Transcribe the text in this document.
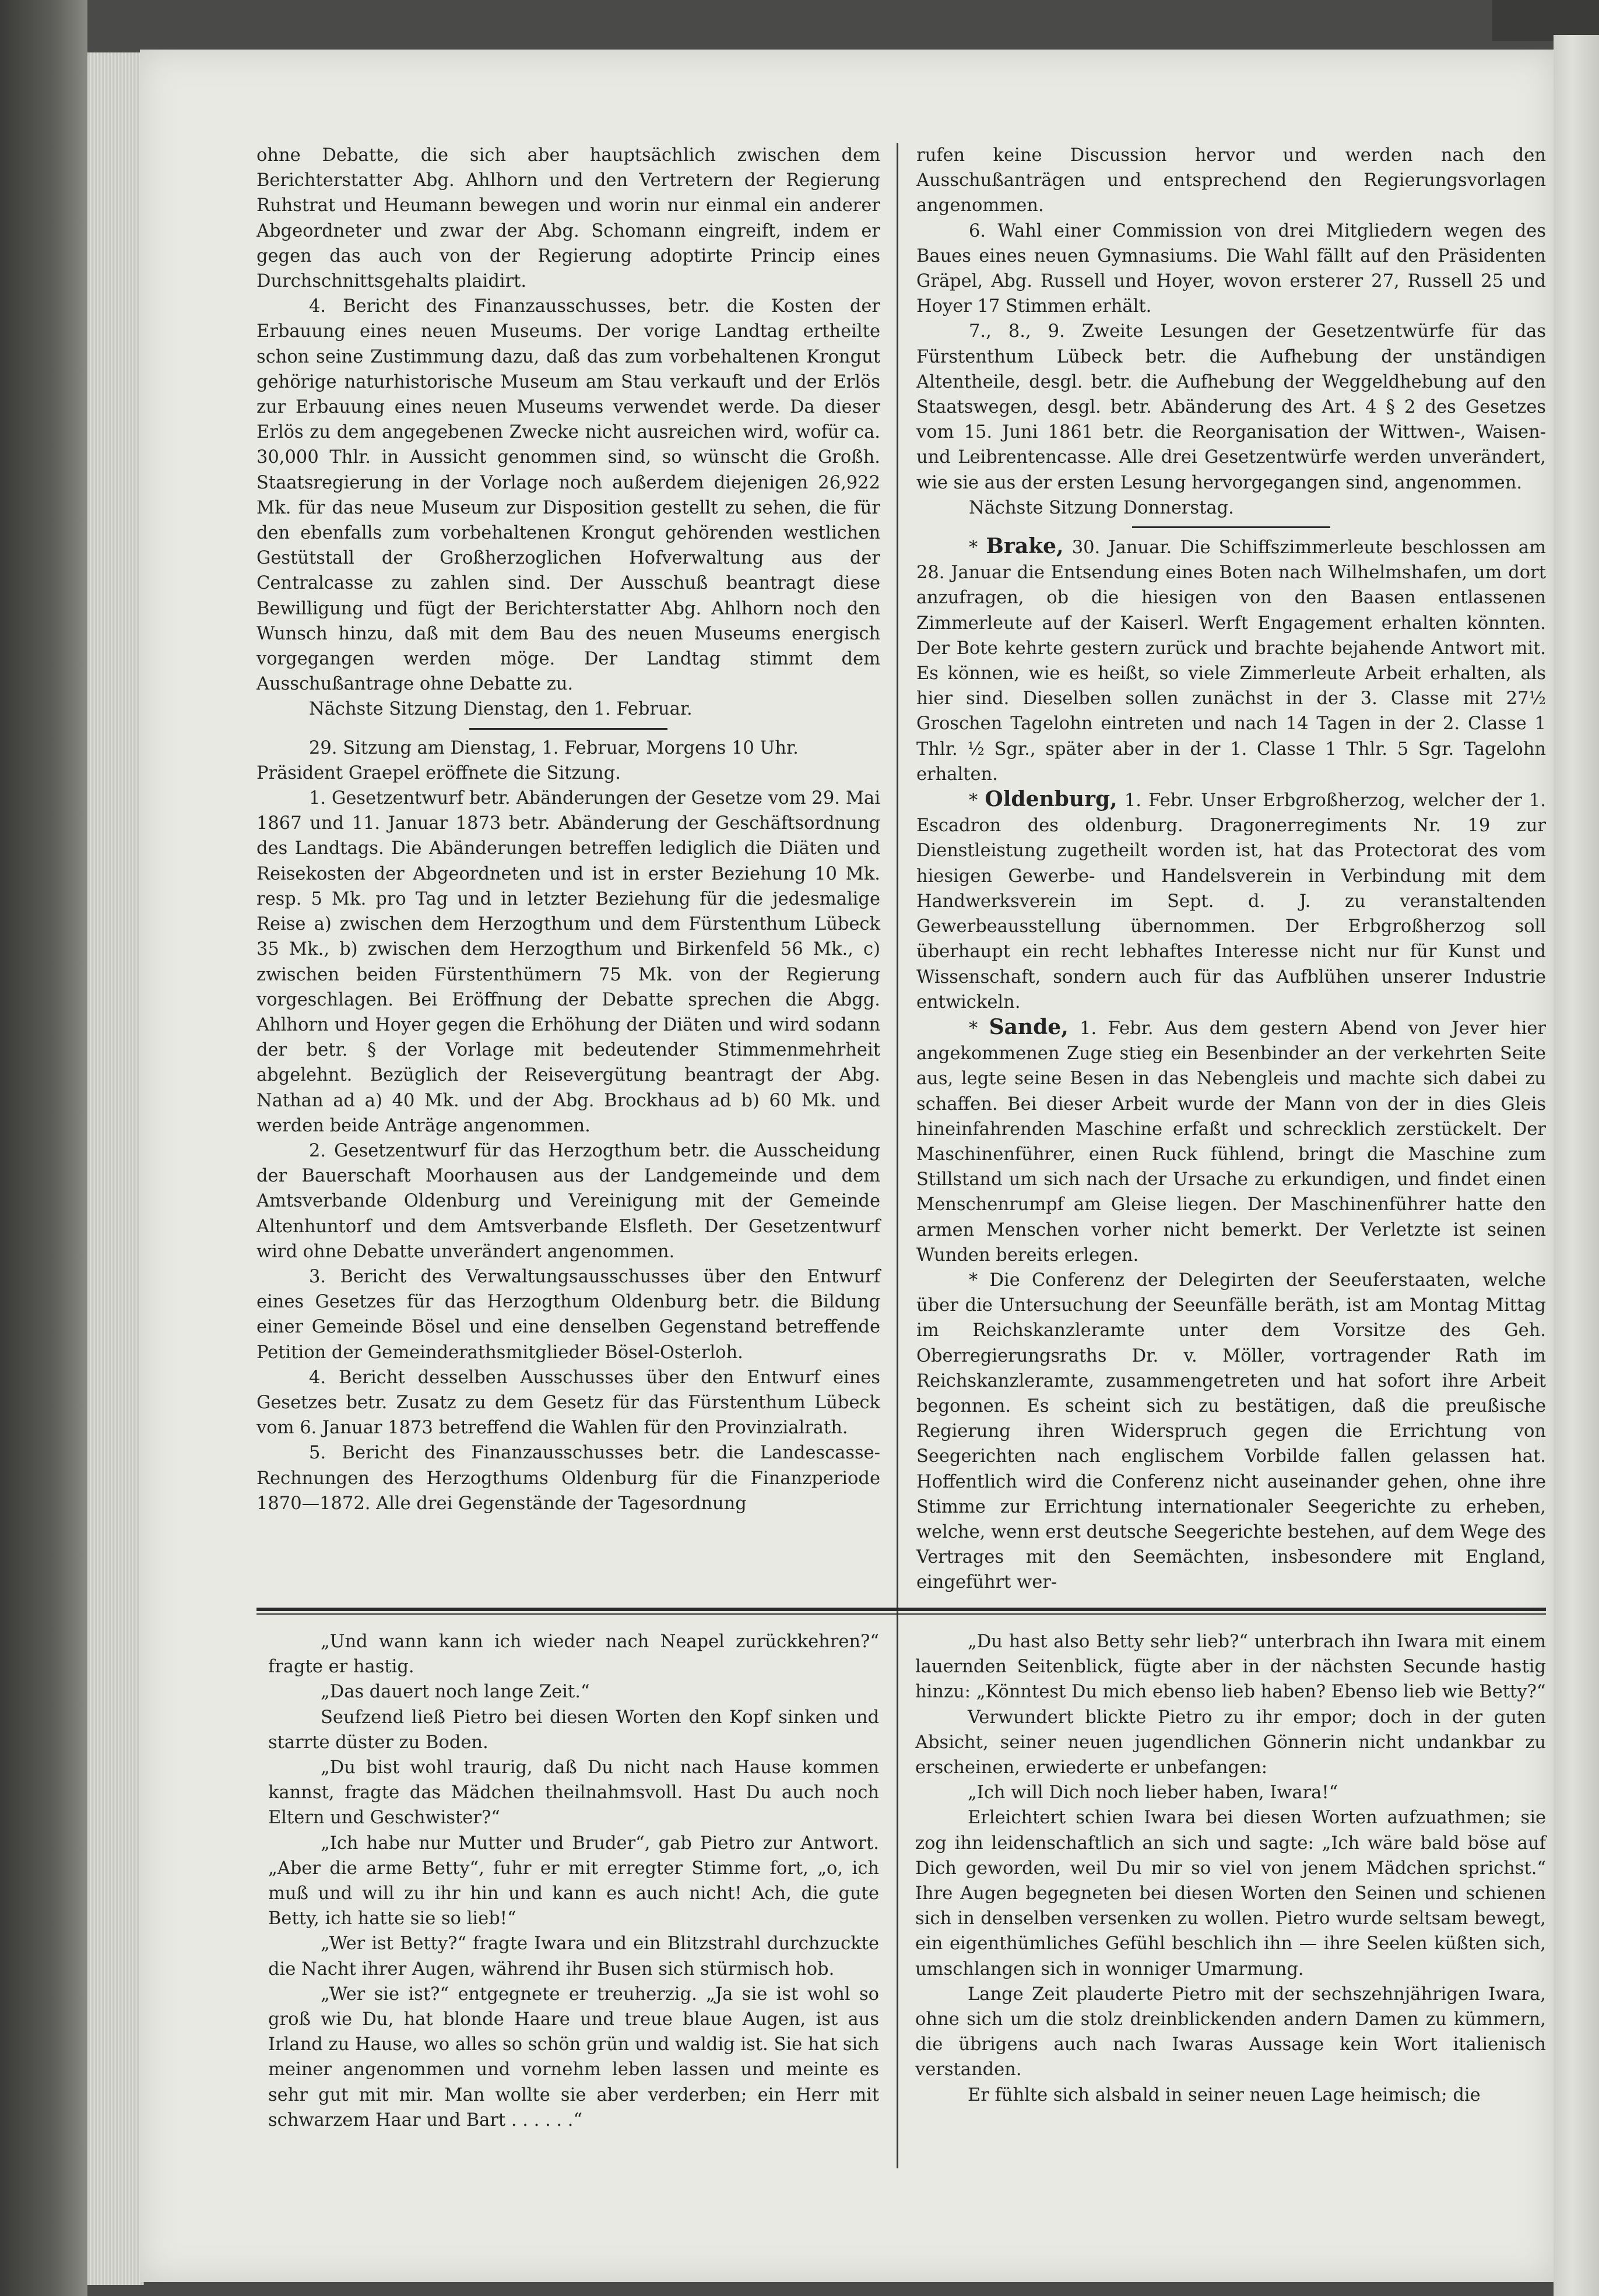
ohne Debatte, die sich aber hauptsächlich zwischen dem Berichterstatter Abg. Ahlhorn und den Vertretern der Regierung Ruhstrat und Heumann bewegen und worin nur einmal ein anderer Abgeordneter und zwar der Abg. Schomann eingreift, indem er gegen das auch von der Regierung adoptirte Princip eines Durchschnittsgehalts plaidirt.

4. Bericht des Finanzausschusses, betr. die Kosten der Erbauung eines neuen Museums. Der vorige Landtag ertheilte schon seine Zustimmung dazu, daß das zum vorbehaltenen Krongut gehörige naturhistorische Museum am Stau verkauft und der Erlös zur Erbauung eines neuen Museums verwendet werde. Da dieser Erlös zu dem angegebenen Zwecke nicht ausreichen wird, wofür ca. 30,000 Thlr. in Aussicht genommen sind, so wünscht die Großh. Staatsregierung in der Vorlage noch außerdem diejenigen 26,922 Mk. für das neue Museum zur Disposition gestellt zu sehen, die für den ebenfalls zum vorbehaltenen Krongut gehörenden westlichen Gestütstall der Großherzoglichen Hofverwaltung aus der Centralcasse zu zahlen sind. Der Ausschuß beantragt diese Bewilligung und fügt der Berichterstatter Abg. Ahlhorn noch den Wunsch hinzu, daß mit dem Bau des neuen Museums energisch vorgegangen werden möge. Der Landtag stimmt dem Ausschußantrage ohne Debatte zu.

Nächste Sitzung Dienstag, den 1. Februar.

29. Sitzung am Dienstag, 1. Februar, Morgens 10 Uhr.

Präsident Graepel eröffnete die Sitzung.

1. Gesetzentwurf betr. Abänderungen der Gesetze vom 29. Mai 1867 und 11. Januar 1873 betr. Abänderung der Geschäftsordnung des Landtags. Die Abänderungen betreffen lediglich die Diäten und Reisekosten der Abgeordneten und ist in erster Beziehung 10 Mk. resp. 5 Mk. pro Tag und in letzter Beziehung für die jedesmalige Reise a) zwischen dem Herzogthum und dem Fürstenthum Lübeck 35 Mk., b) zwischen dem Herzogthum und Birkenfeld 56 Mk., c) zwischen beiden Fürstenthümern 75 Mk. von der Regierung vorgeschlagen. Bei Eröffnung der Debatte sprechen die Abgg. Ahlhorn und Hoyer gegen die Erhöhung der Diäten und wird sodann der betr. § der Vorlage mit bedeutender Stimmenmehrheit abgelehnt. Bezüglich der Reisevergütung beantragt der Abg. Nathan ad a) 40 Mk. und der Abg. Brockhaus ad b) 60 Mk. und werden beide Anträge angenommen.

2. Gesetzentwurf für das Herzogthum betr. die Ausscheidung der Bauerschaft Moorhausen aus der Landgemeinde und dem Amtsverbande Oldenburg und Vereinigung mit der Gemeinde Altenhuntorf und dem Amtsverbande Elsfleth. Der Gesetzentwurf wird ohne Debatte unverändert angenommen.

3. Bericht des Verwaltungsausschusses über den Entwurf eines Gesetzes für das Herzogthum Oldenburg betr. die Bildung einer Gemeinde Bösel und eine denselben Gegenstand betreffende Petition der Gemeinderathsmitglieder Bösel-Osterloh.

4. Bericht desselben Ausschusses über den Entwurf eines Gesetzes betr. Zusatz zu dem Gesetz für das Fürstenthum Lübeck vom 6. Januar 1873 betreffend die Wahlen für den Provinzialrath.

5. Bericht des Finanzausschusses betr. die Landescasse-Rechnungen des Herzogthums Oldenburg für die Finanzperiode 1870—1872. Alle drei Gegenstände der Tagesordnung

rufen keine Discussion hervor und werden nach den Ausschußanträgen und entsprechend den Regierungsvorlagen angenommen.

6. Wahl einer Commission von drei Mitgliedern wegen des Baues eines neuen Gymnasiums. Die Wahl fällt auf den Präsidenten Gräpel, Abg. Russell und Hoyer, wovon ersterer 27, Russell 25 und Hoyer 17 Stimmen erhält.

7., 8., 9. Zweite Lesungen der Gesetzentwürfe für das Fürstenthum Lübeck betr. die Aufhebung der unständigen Altentheile, desgl. betr. die Aufhebung der Weggeldhebung auf den Staatswegen, desgl. betr. Abänderung des Art. 4 § 2 des Gesetzes vom 15. Juni 1861 betr. die Reorganisation der Wittwen-, Waisen- und Leibrentencasse. Alle drei Gesetzentwürfe werden unverändert, wie sie aus der ersten Lesung hervorgegangen sind, angenommen.

Nächste Sitzung Donnerstag.

* Brake, 30. Januar. Die Schiffszimmerleute beschlossen am 28. Januar die Entsendung eines Boten nach Wilhelmshafen, um dort anzufragen, ob die hiesigen von den Baasen entlassenen Zimmerleute auf der Kaiserl. Werft Engagement erhalten könnten. Der Bote kehrte gestern zurück und brachte bejahende Antwort mit. Es können, wie es heißt, so viele Zimmerleute Arbeit erhalten, als hier sind. Dieselben sollen zunächst in der 3. Classe mit 27½ Groschen Tagelohn eintreten und nach 14 Tagen in der 2. Classe 1 Thlr. ½ Sgr., später aber in der 1. Classe 1 Thlr. 5 Sgr. Tagelohn erhalten.

* Oldenburg, 1. Febr. Unser Erbgroßherzog, welcher der 1. Escadron des oldenburg. Dragonerregiments Nr. 19 zur Dienstleistung zugetheilt worden ist, hat das Protectorat des vom hiesigen Gewerbe- und Handelsverein in Verbindung mit dem Handwerksverein im Sept. d. J. zu veranstaltenden Gewerbeausstellung übernommen. Der Erbgroßherzog soll überhaupt ein recht lebhaftes Interesse nicht nur für Kunst und Wissenschaft, sondern auch für das Aufblühen unserer Industrie entwickeln.

* Sande, 1. Febr. Aus dem gestern Abend von Jever hier angekommenen Zuge stieg ein Besenbinder an der verkehrten Seite aus, legte seine Besen in das Nebengleis und machte sich dabei zu schaffen. Bei dieser Arbeit wurde der Mann von der in dies Gleis hineinfahrenden Maschine erfaßt und schrecklich zerstückelt. Der Maschinenführer, einen Ruck fühlend, bringt die Maschine zum Stillstand um sich nach der Ursache zu erkundigen, und findet einen Menschenrumpf am Gleise liegen. Der Maschinenführer hatte den armen Menschen vorher nicht bemerkt. Der Verletzte ist seinen Wunden bereits erlegen.

* Die Conferenz der Delegirten der Seeuferstaaten, welche über die Untersuchung der Seeunfälle beräth, ist am Montag Mittag im Reichskanzleramte unter dem Vorsitze des Geh. Oberregierungsraths Dr. v. Möller, vortragender Rath im Reichskanzleramte, zusammengetreten und hat sofort ihre Arbeit begonnen. Es scheint sich zu bestätigen, daß die preußische Regierung ihren Widerspruch gegen die Errichtung von Seegerichten nach englischem Vorbilde fallen gelassen hat. Hoffentlich wird die Conferenz nicht auseinander gehen, ohne ihre Stimme zur Errichtung internationaler Seegerichte zu erheben, welche, wenn erst deutsche Seegerichte bestehen, auf dem Wege des Vertrages mit den Seemächten, insbesondere mit England, eingeführt wer-

„Und wann kann ich wieder nach Neapel zurückkehren?“ fragte er hastig.

„Das dauert noch lange Zeit.“

Seufzend ließ Pietro bei diesen Worten den Kopf sinken und starrte düster zu Boden.

„Du bist wohl traurig, daß Du nicht nach Hause kommen kannst, fragte das Mädchen theilnahmsvoll. Hast Du auch noch Eltern und Geschwister?“

„Ich habe nur Mutter und Bruder“, gab Pietro zur Antwort. „Aber die arme Betty“, fuhr er mit erregter Stimme fort, „o, ich muß und will zu ihr hin und kann es auch nicht! Ach, die gute Betty, ich hatte sie so lieb!“

„Wer ist Betty?“ fragte Iwara und ein Blitzstrahl durchzuckte die Nacht ihrer Augen, während ihr Busen sich stürmisch hob.

„Wer sie ist?“ entgegnete er treuherzig. „Ja sie ist wohl so groß wie Du, hat blonde Haare und treue blaue Augen, ist aus Irland zu Hause, wo alles so schön grün und waldig ist. Sie hat sich meiner angenommen und vornehm leben lassen und meinte es sehr gut mit mir. Man wollte sie aber verderben; ein Herr mit schwarzem Haar und Bart . . . . . .“

„Du hast also Betty sehr lieb?“ unterbrach ihn Iwara mit einem lauernden Seitenblick, fügte aber in der nächsten Secunde hastig hinzu: „Könntest Du mich ebenso lieb haben? Ebenso lieb wie Betty?“

Verwundert blickte Pietro zu ihr empor; doch in der guten Absicht, seiner neuen jugendlichen Gönnerin nicht undankbar zu erscheinen, erwiederte er unbefangen:

„Ich will Dich noch lieber haben, Iwara!“

Erleichtert schien Iwara bei diesen Worten aufzuathmen; sie zog ihn leidenschaftlich an sich und sagte: „Ich wäre bald böse auf Dich geworden, weil Du mir so viel von jenem Mädchen sprichst.“ Ihre Augen begegneten bei diesen Worten den Seinen und schienen sich in denselben versenken zu wollen. Pietro wurde seltsam bewegt, ein eigenthümliches Gefühl beschlich ihn — ihre Seelen küßten sich, umschlangen sich in wonniger Umarmung.

Lange Zeit plauderte Pietro mit der sechszehnjährigen Iwara, ohne sich um die stolz dreinblickenden andern Damen zu kümmern, die übrigens auch nach Iwaras Aussage kein Wort italienisch verstanden.

Er fühlte sich alsbald in seiner neuen Lage heimisch; die
